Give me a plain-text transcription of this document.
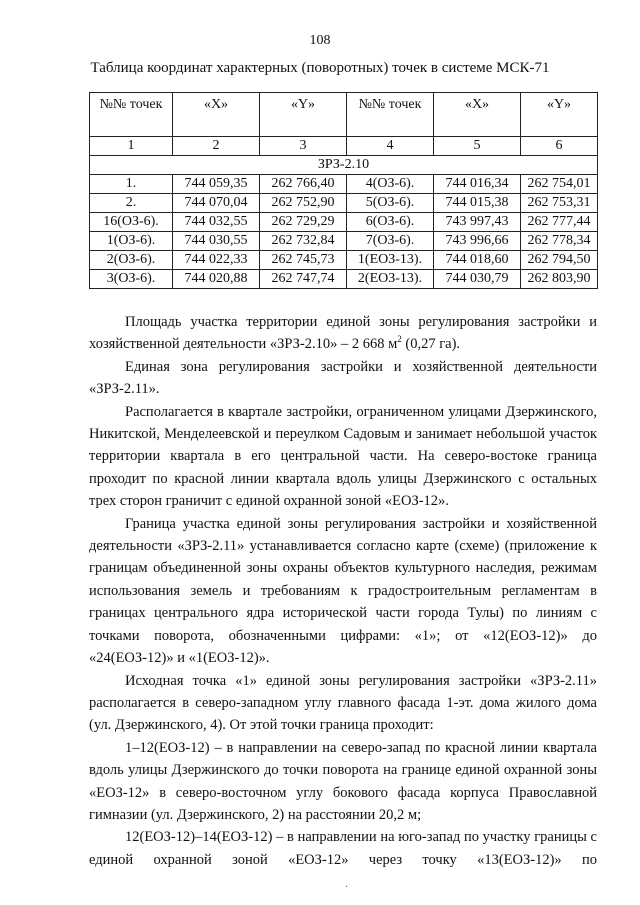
108
Таблица координат характерных (поворотных) точек в системе МСК-71
№№ точек	«Х»	«Y»	№№ точек	«Х»	«Y»
1	2	3	4	5	6
ЗРЗ-2.10					
1.	744 059,35	262 766,40	4(ОЗ-6).	744 016,34	262 754,01
2.	744 070,04	262 752,90	5(ОЗ-6).	744 015,38	262 753,31
16(ОЗ-6).	744 032,55	262 729,29	6(ОЗ-6).	743 997,43	262 777,44
1(ОЗ-6).	744 030,55	262 732,84	7(ОЗ-6).	743 996,66	262 778,34
2(ОЗ-6).	744 022,33	262 745,73	1(ЕОЗ-13).	744 018,60	262 794,50
3(ОЗ-6).	744 020,88	262 747,74	2(ЕОЗ-13).	744 030,79	262 803,90

Площадь участка территории единой зоны регулирования застройки и хозяйственной деятельности «ЗРЗ-2.10» – 2 668 $м^2$ (0,27 га).

Единая зона регулирования застройки и хозяйственной деятельности «ЗРЗ-2.11».

Располагается в квартале застройки, ограниченном улицами Дзержинского, Никитской, Менделеевской и переулком Садовым и занимает небольшой участок территории квартала в его центральной части. На северо-востоке граница проходит по красной линии квартала вдоль улицы Дзержинского с остальных трех сторон граничит с единой охранной зоной «ЕОЗ-12».

Граница участка единой зоны регулирования застройки и хозяйственной деятельности «ЗРЗ-2.11» устанавливается согласно карте (схеме) (приложение к границам объединенной зоны охраны объектов культурного наследия, режимам использования земель и требованиям к градостроительным регламентам в границах центрального ядра исторической части города Тулы) по линиям с точками поворота, обозначенными цифрами: «1»; от «12(ЕОЗ-12)» до «24(ЕОЗ-12)» и «1(ЕОЗ-12)».

Исходная точка «1» единой зоны регулирования застройки «ЗРЗ-2.11» располагается в северо-западном углу главного фасада 1-эт. дома жилого дома (ул. Дзержинского, 4). От этой точки граница проходит:

1–12(ЕОЗ-12) – в направлении на северо-запад по красной линии квартала вдоль улицы Дзержинского до точки поворота на границе единой охранной зоны «ЕОЗ-12» в северо-восточном углу бокового фасада корпуса Православной гимназии (ул. Дзержинского, 2) на расстоянии 20,2 м;

12(ЕОЗ-12)–14(ЕОЗ-12) – в направлении на юго-запад по участку границы с единой охранной зоной «ЕОЗ-12» через точку «13(ЕОЗ-12)» по

·
